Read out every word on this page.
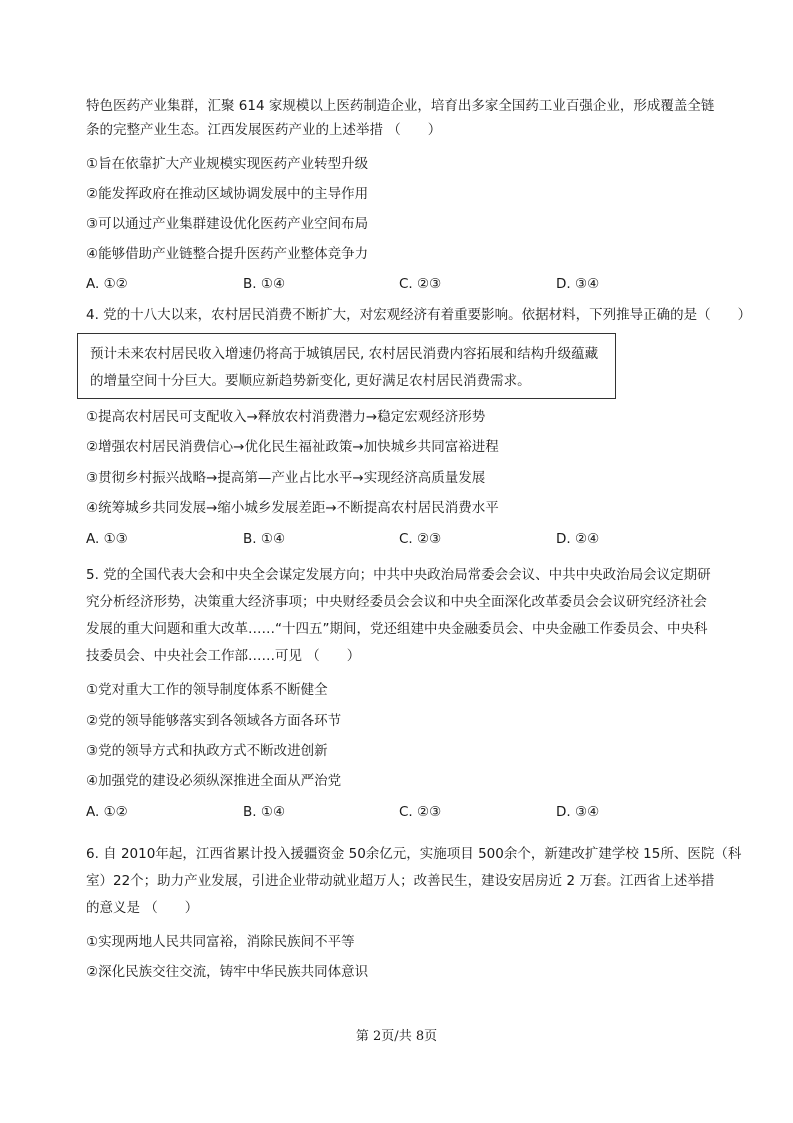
特色医药产业集群，汇聚 614 家规模以上医药制造企业，培育出多家全国药工业百强企业，形成覆盖全链
条的完整产业生态。江西发展医药产业的上述举措 （　　）
①旨在依靠扩大产业规模实现医药产业转型升级
②能发挥政府在推动区域协调发展中的主导作用
③可以通过产业集群建设优化医药产业空间布局
④能够借助产业链整合提升医药产业整体竞争力
A. ①②	B. ①④	C. ②③	D. ③④
4. 党的十八大以来，农村居民消费不断扩大，对宏观经济有着重要影响。依据材料，下列推导正确的是（　　）
预计未来农村居民收入增速仍将高于城镇居民, 农村居民消费内容拓展和结构升级蕴藏
的增量空间十分巨大。要顺应新趋势新变化, 更好满足农村居民消费需求。
①提高农村居民可支配收入→释放农村消费潜力→稳定宏观经济形势
②增强农村居民消费信心→优化民生福祉政策→加快城乡共同富裕进程
③贯彻乡村振兴战略→提高第—产业占比水平→实现经济高质量发展
④统筹城乡共同发展→缩小城乡发展差距→不断提高农村居民消费水平
A. ①③	B. ①④	C. ②③	D. ②④
5. 党的全国代表大会和中央全会谋定发展方向；中共中央政治局常委会会议、中共中央政治局会议定期研
究分析经济形势，决策重大经济事项；中央财经委员会会议和中央全面深化改革委员会会议研究经济社会
发展的重大问题和重大改革……“十四五”期间，党还组建中央金融委员会、中央金融工作委员会、中央科
技委员会、中央社会工作部……可见 （　　）
①党对重大工作的领导制度体系不断健全
②党的领导能够落实到各领域各方面各环节
③党的领导方式和执政方式不断改进创新
④加强党的建设必须纵深推进全面从严治党
A. ①②	B. ①④	C. ②③	D. ③④
6. 自 2010年起，江西省累计投入援疆资金 50余亿元，实施项目 500余个，新建改扩建学校 15所、医院（科
室）22个；助力产业发展，引进企业带动就业超万人；改善民生，建设安居房近 2 万套。江西省上述举措
的意义是 （　　）
①实现两地人民共同富裕，消除民族间不平等
②深化民族交往交流，铸牢中华民族共同体意识
第 2页/共 8页
